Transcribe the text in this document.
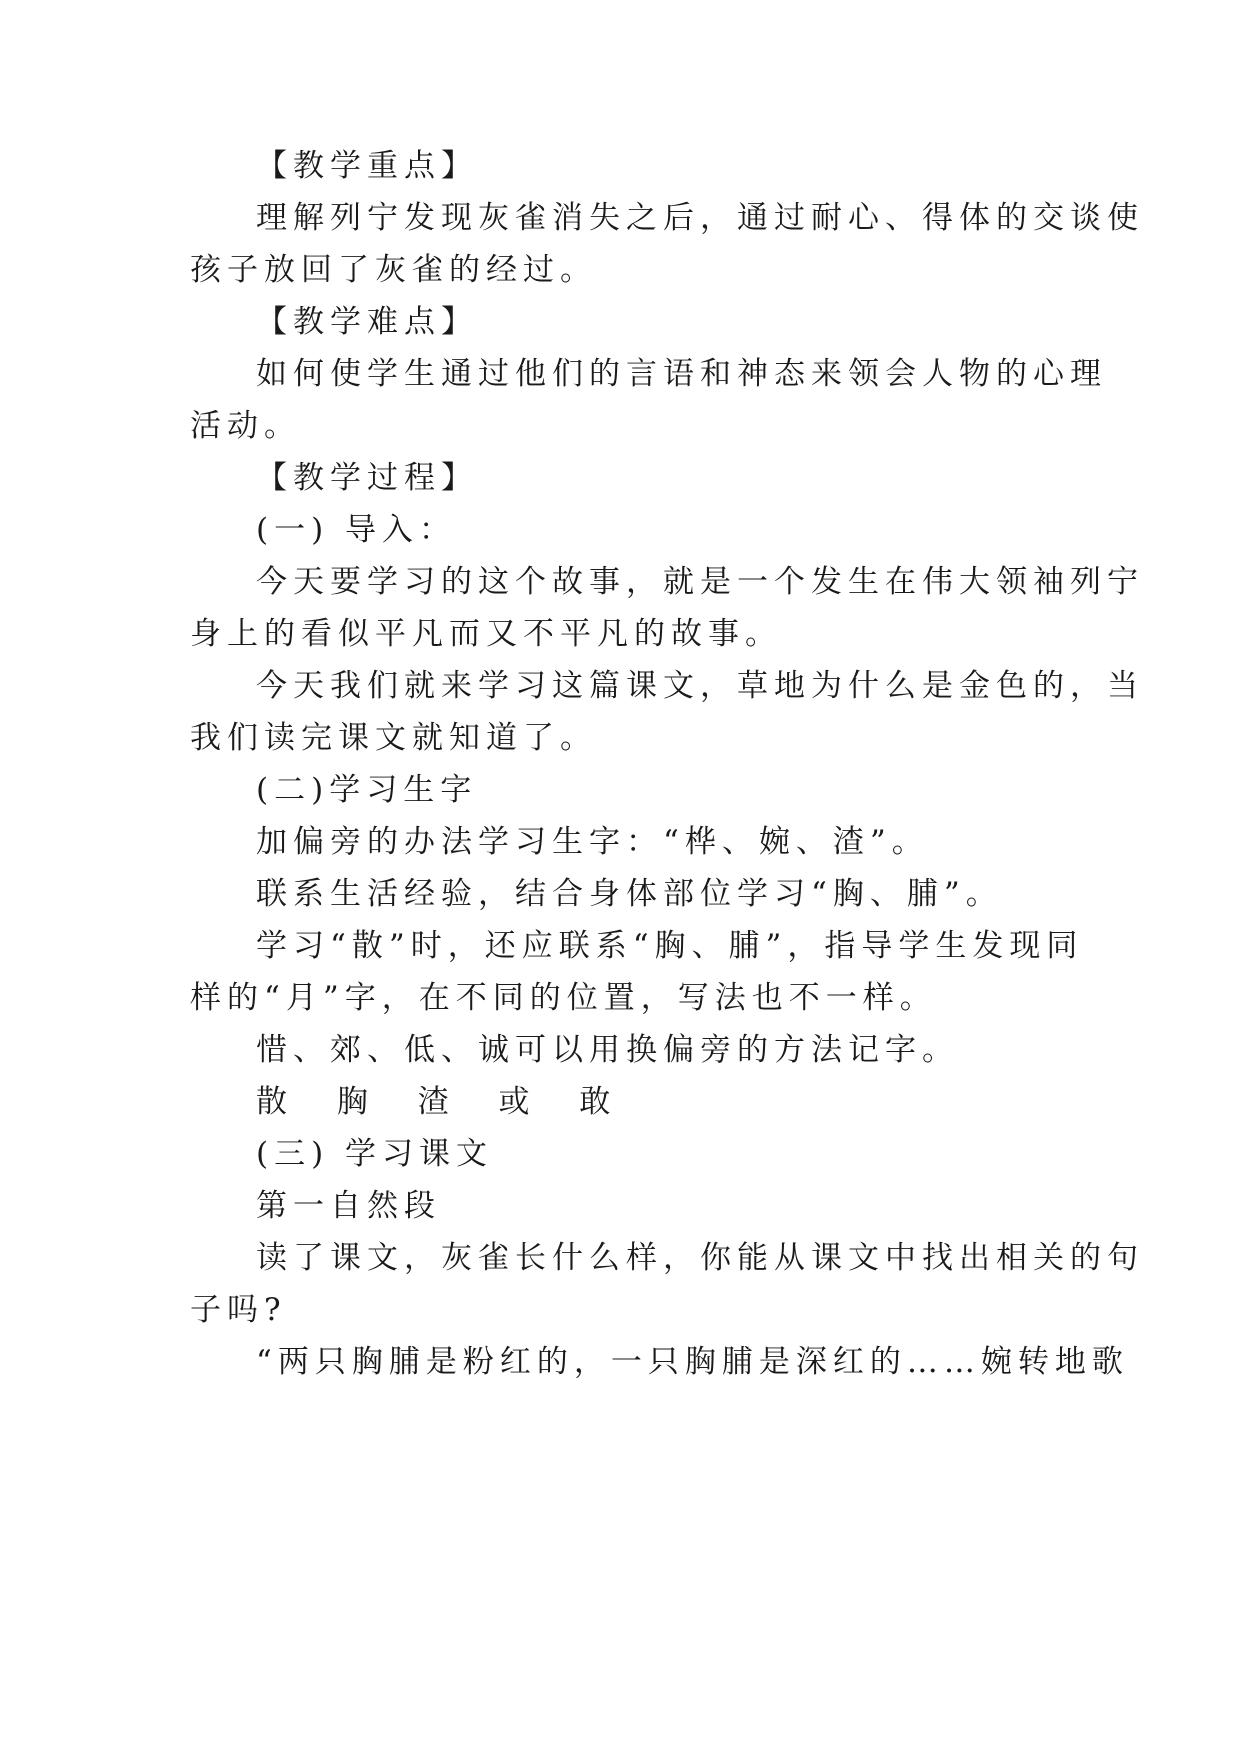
【教学重点】
理解列宁发现灰雀消失之后，通过耐心、得体的交谈使
孩子放回了灰雀的经过。
【教学难点】
如何使学生通过他们的言语和神态来领会人物的心理
活动。
【教学过程】
(一) 导入：
今天要学习的这个故事，就是一个发生在伟大领袖列宁
身上的看似平凡而又不平凡的故事。
今天我们就来学习这篇课文，草地为什么是金色的，当
我们读完课文就知道了。
(二)学习生字
加偏旁的办法学习生字：“桦、婉、渣”。
联系生活经验，结合身体部位学习“胸、脯”。
学习“散”时，还应联系“胸、脯”，指导学生发现同
样的“月”字，在不同的位置，写法也不一样。
惜、郊、低、诚可以用换偏旁的方法记字。
散 胸 渣 或 敢
(三) 学习课文
第一自然段
读了课文，灰雀长什么样，你能从课文中找出相关的句
子吗?
“两只胸脯是粉红的，一只胸脯是深红的……婉转地歌
